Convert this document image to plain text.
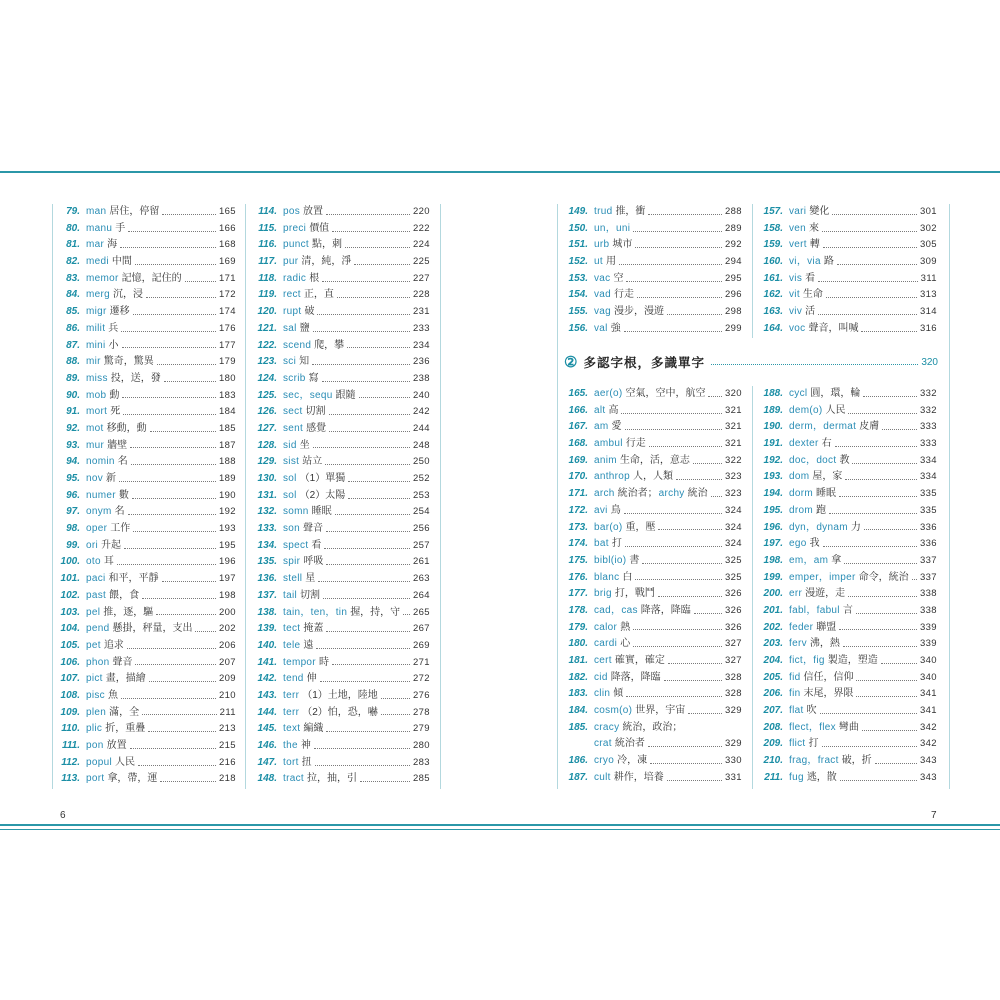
79. man 居住，停留	165
80. manu 手	166
81. mar 海	168
82. medi 中間	169
83. memor 記憶，記住的	171
84. merg 沉，浸	172
85. migr 遷移	174
86. milit 兵	176
87. mini 小	177
88. mir 驚奇，驚異	179
89. miss 投，送，發	180
90. mob 動	183
91. mort 死	184
92. mot 移動，動	185
93. mur 牆壁	187
94. nomin 名	188
95. nov 新	189
96. numer 數	190
97. onym 名	192
98. oper 工作	193
99. ori 升起	195
100. oto 耳	196
101. paci 和平，平靜	197
102. past 餵，食	198
103. pel 推，逐，驅	200
104. pend 懸掛，秤量，支出	202
105. pet 追求	206
106. phon 聲音	207
107. pict 畫，描繪	209
108. pisc 魚	210
109. plen 滿，全	211
110. plic 折，重疊	213
111. pon 放置	215
112. popul 人民	216
113. port 拿，帶，運	218
114. pos 放置	220
115. preci 價值	222
116. punct 點，刺	224
117. pur 清，純，淨	225
118. radic 根	227
119. rect 正，直	228
120. rupt 破	231
121. sal 鹽	233
122. scend 爬，攀	234
123. sci 知	236
124. scrib 寫	238
125. sec，sequ 跟隨	240
126. sect 切割	242
127. sent 感覺	244
128. sid 坐	248
129. sist 站立	250
130. sol （1）單獨	252
131. sol （2）太陽	253
132. somn 睡眠	254
133. son 聲音	256
134. spect 看	257
135. spir 呼吸	261
136. stell 星	263
137. tail 切割	264
138. tain，ten，tin 握，持，守 265
139. tect 掩蓋	267
140. tele 遠	269
141. tempor 時	271
142. tend 伸	272
143. terr （1）土地，陸地	276
144. terr （2）怕，恐，嚇	278
145. text 編織	279
146. the 神	280
147. tort 扭	283
148. tract 拉，抽，引	285
149. trud 推，衝	288
150. un，uni	289
151. urb 城市	292
152. ut 用	294
153. vac 空	295
154. vad 行走	296
155. vag 漫步，漫遊	298
156. val 強	299
157. vari 變化	301
158. ven 來	302
159. vert 轉	305
160. vi，via 路	309
161. vis 看	311
162. vit 生命	313
163. viv 活	314
164. voc 聲音，叫喊	316
② 多認字根，多識單字	320
165. aer(o) 空氣，空中，航空 320
166. alt 高	321
167. am 愛	321
168. ambul 行走	321
169. anim 生命，活，意志	322
170. anthrop 人，人類	323
171. arch 統治者；archy 統治 323
172. avi 鳥	324
173. bar(o) 重，壓	324
174. bat 打	324
175. bibl(io) 書	325
176. blanc 白	325
177. brig 打，戰鬥	326
178. cad，cas 降落，降臨	326
179. calor 熱	326
180. cardi 心	327
181. cert 確實，確定	327
182. cid 降落，降臨	328
183. clin 傾	328
184. cosm(o) 世界，宇宙	329
185. cracy 統治，政治；
crat 統治者	329
186. cryo 冷，凍	330
187. cult 耕作，培養	331
188. cycl 圓，環，輪	332
189. dem(o) 人民	332
190. derm，dermat 皮膚	333
191. dexter 右	333
192. doc，doct 教	334
193. dom 屋，家	334
194. dorm 睡眠	335
195. drom 跑	335
196. dyn，dynam 力	336
197. ego 我	336
198. em，am 拿	337
199. emper，imper 命令，統治 337
200. err 漫遊，走	338
201. fabl，fabul 言	338
202. feder 聯盟	339
203. ferv 沸，熱	339
204. fict，fig 製造，塑造	340
205. fid 信任，信仰	340
206. fin 末尾，界限	341
207. flat 吹	341
208. flect，flex 彎曲	342
209. flict 打	342
210. frag，fract 破，折	343
211. fug 逃，散	343
6	7
